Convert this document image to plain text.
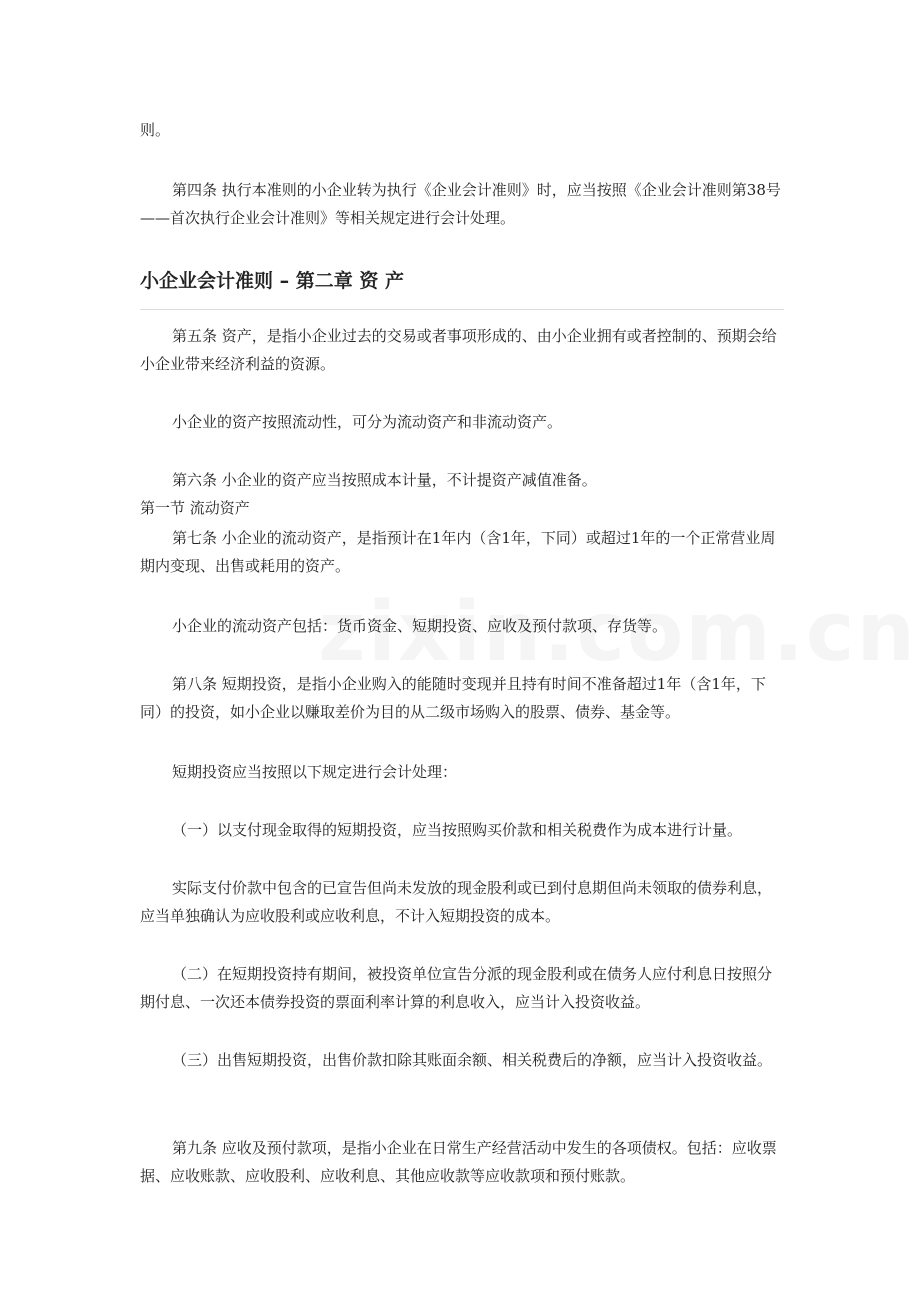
则。

第四条 执行本准则的小企业转为执行《企业会计准则》时，应当按照《企业会计准则第38号——首次执行企业会计准则》等相关规定进行会计处理。

小企业会计准则 – 第二章 资 产

第五条 资产，是指小企业过去的交易或者事项形成的、由小企业拥有或者控制的、预期会给小企业带来经济利益的资源。

小企业的资产按照流动性，可分为流动资产和非流动资产。

第六条 小企业的资产应当按照成本计量，不计提资产减值准备。

第一节 流动资产

第七条 小企业的流动资产，是指预计在1年内（含1年，下同）或超过1年的一个正常营业周期内变现、出售或耗用的资产。

小企业的流动资产包括：货币资金、短期投资、应收及预付款项、存货等。

第八条 短期投资，是指小企业购入的能随时变现并且持有时间不准备超过1年（含1年，下同）的投资，如小企业以赚取差价为目的从二级市场购入的股票、债券、基金等。

短期投资应当按照以下规定进行会计处理：

（一）以支付现金取得的短期投资，应当按照购买价款和相关税费作为成本进行计量。

实际支付价款中包含的已宣告但尚未发放的现金股利或已到付息期但尚未领取的债券利息，应当单独确认为应收股利或应收利息，不计入短期投资的成本。

（二）在短期投资持有期间，被投资单位宣告分派的现金股利或在债务人应付利息日按照分期付息、一次还本债券投资的票面利率计算的利息收入，应当计入投资收益。

（三）出售短期投资，出售价款扣除其账面余额、相关税费后的净额，应当计入投资收益。

第九条 应收及预付款项，是指小企业在日常生产经营活动中发生的各项债权。包括：应收票据、应收账款、应收股利、应收利息、其他应收款等应收款项和预付账款。
